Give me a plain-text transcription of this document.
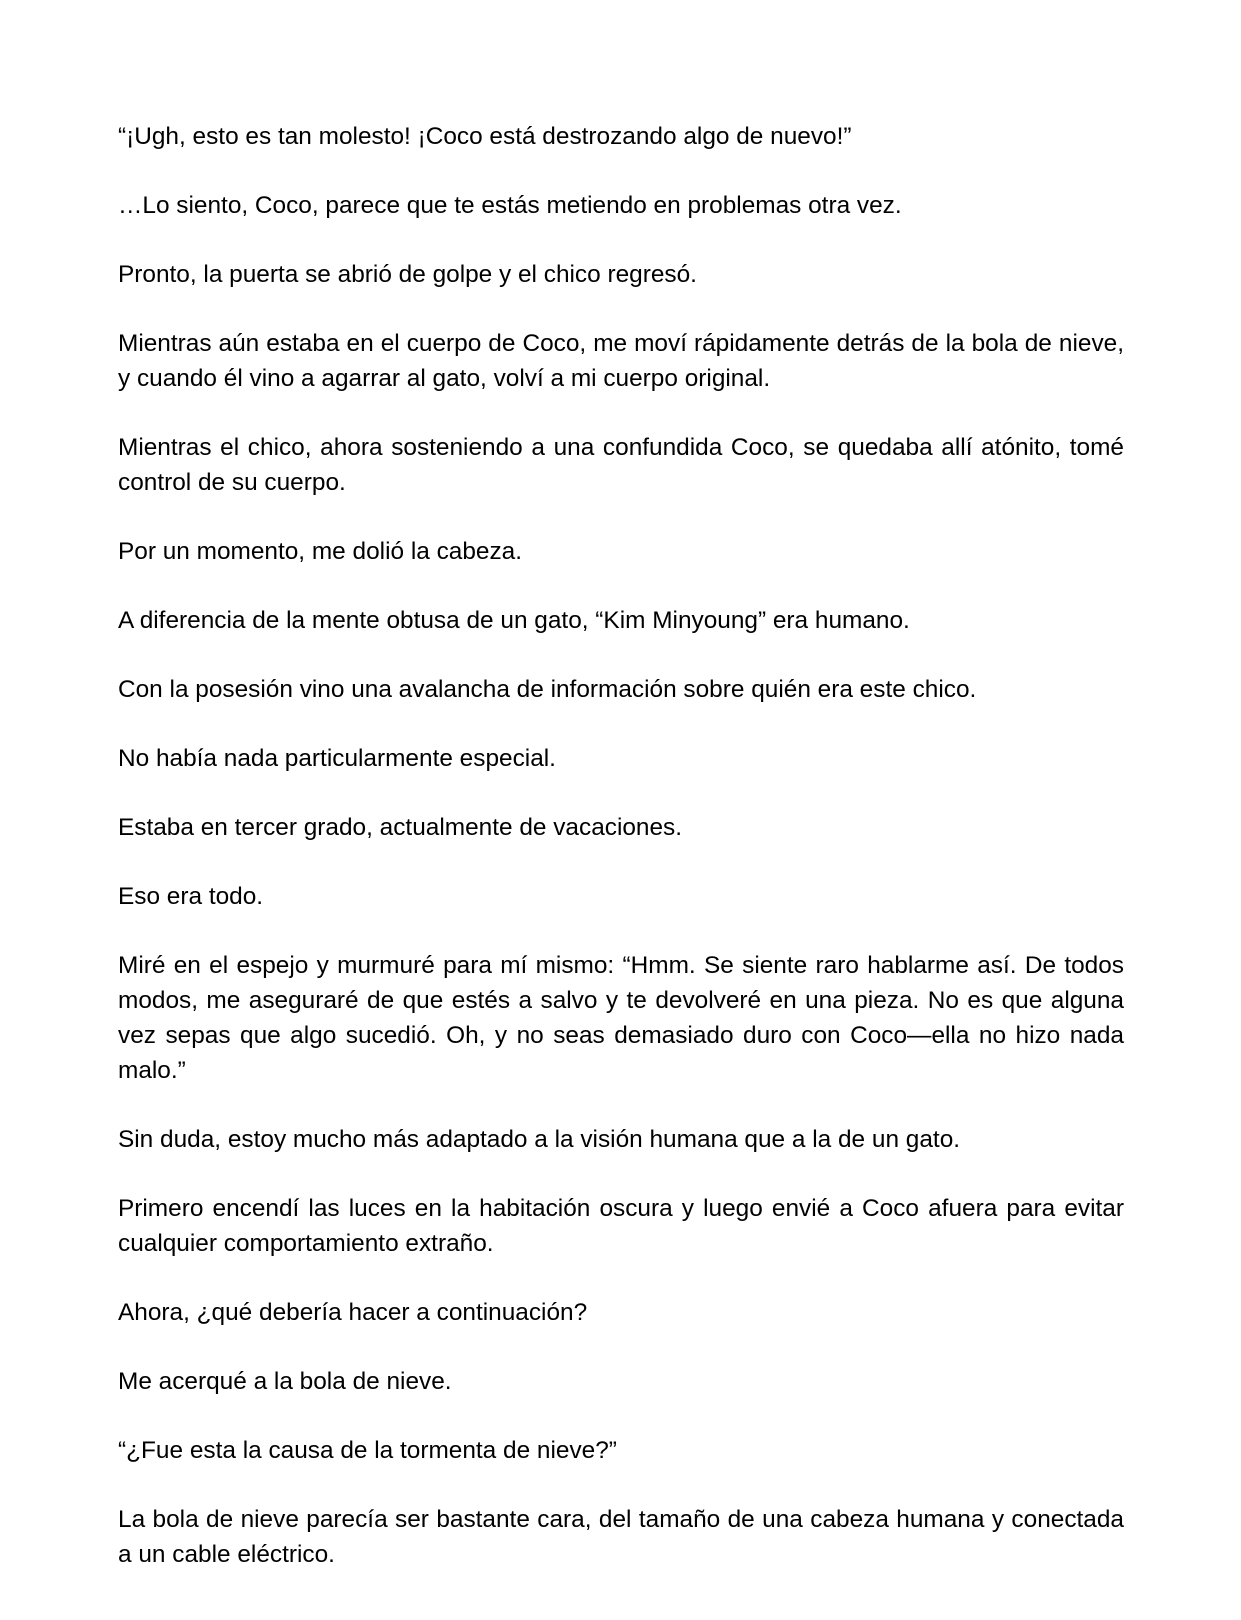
“¡Ugh, esto es tan molesto! ¡Coco está destrozando algo de nuevo!”

…Lo siento, Coco, parece que te estás metiendo en problemas otra vez.

Pronto, la puerta se abrió de golpe y el chico regresó.

Mientras aún estaba en el cuerpo de Coco, me moví rápidamente detrás de la bola de nieve, y cuando él vino a agarrar al gato, volví a mi cuerpo original.

Mientras el chico, ahora sosteniendo a una confundida Coco, se quedaba allí atónito, tomé control de su cuerpo.

Por un momento, me dolió la cabeza.

A diferencia de la mente obtusa de un gato, “Kim Minyoung” era humano.

Con la posesión vino una avalancha de información sobre quién era este chico.

No había nada particularmente especial.

Estaba en tercer grado, actualmente de vacaciones.

Eso era todo.

Miré en el espejo y murmuré para mí mismo: “Hmm. Se siente raro hablarme así. De todos modos, me aseguraré de que estés a salvo y te devolveré en una pieza. No es que alguna vez sepas que algo sucedió. Oh, y no seas demasiado duro con Coco—ella no hizo nada malo.”

Sin duda, estoy mucho más adaptado a la visión humana que a la de un gato.

Primero encendí las luces en la habitación oscura y luego envié a Coco afuera para evitar cualquier comportamiento extraño.

Ahora, ¿qué debería hacer a continuación?

Me acerqué a la bola de nieve.

“¿Fue esta la causa de la tormenta de nieve?”

La bola de nieve parecía ser bastante cara, del tamaño de una cabeza humana y conectada a un cable eléctrico.
